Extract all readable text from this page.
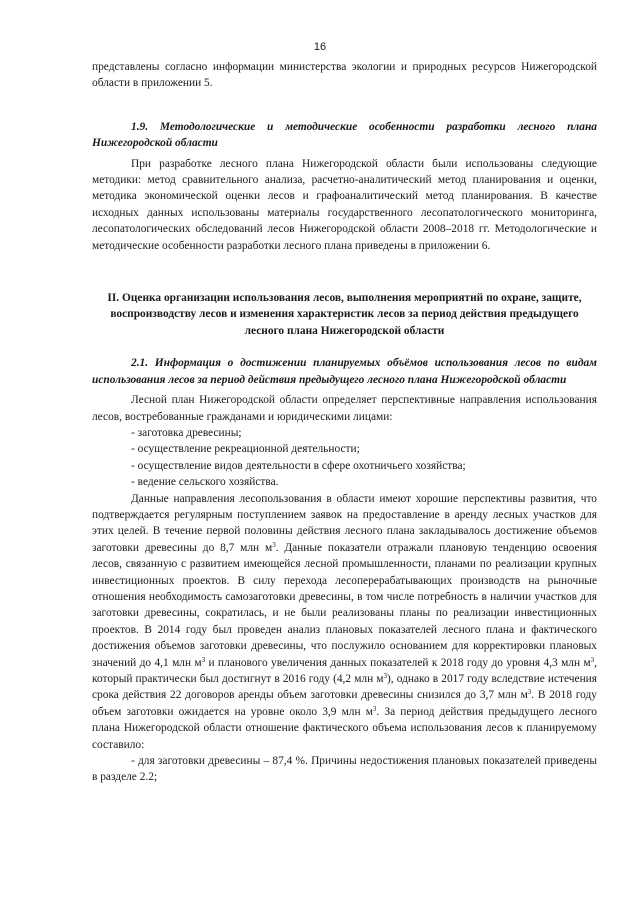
16

представлены согласно информации министерства экологии и природных ресурсов Нижегородской области в приложении 5.

1.9. Методологические и методические особенности разработки лесного плана Нижегородской области

При разработке лесного плана Нижегородской области были использованы следующие методики: метод сравнительного анализа, расчетно-аналитический метод планирования и оценки, методика экономической оценки лесов и графоаналитический метод планирования. В качестве исходных данных использованы материалы государственного лесопатологического мониторинга, лесопатологических обследований лесов Нижегородской области 2008–2018 гг. Методологические и методические особенности разработки лесного плана приведены в приложении 6.

II. Оценка организации использования лесов, выполнения мероприятий по охране, защите, воспроизводству лесов и изменения характеристик лесов за период действия предыдущего лесного плана Нижегородской области

2.1. Информация о достижении планируемых объёмов использования лесов по видам использования лесов за период действия предыдущего лесного плана Нижегородской области

Лесной план Нижегородской области определяет перспективные направления использования лесов, востребованные гражданами и юридическими лицами:

- заготовка древесины;

- осуществление рекреационной деятельности;

- осуществление видов деятельности в сфере охотничьего хозяйства;

- ведение сельского хозяйства.

Данные направления лесопользования в области имеют хорошие перспективы развития, что подтверждается регулярным поступлением заявок на предоставление в аренду лесных участков для этих целей. В течение первой половины действия лесного плана закладывалось достижение объемов заготовки древесины до 8,7 млн $м^3$. Данные показатели отражали плановую тенденцию освоения лесов, связанную с развитием имеющейся лесной промышленности, планами по реализации крупных инвестиционных проектов. В силу перехода лесоперерабатывающих производств на рыночные отношения необходимость самозаготовки древесины, в том числе потребность в наличии участков для заготовки древесины, сократилась, и не были реализованы планы по реализации инвестиционных проектов. В 2014 году был проведен анализ плановых показателей лесного плана и фактического достижения объемов заготовки древесины, что послужило основанием для корректировки плановых значений до 4,1 млн $м^3$ и планового увеличения данных показателей к 2018 году до уровня 4,3 млн $м^3$, который практически был достигнут в 2016 году (4,2 млн $м^3$), однако в 2017 году вследствие истечения срока действия 22 договоров аренды объем заготовки древесины снизился до 3,7 млн $м^3$. В 2018 году объем заготовки ожидается на уровне около 3,9 млн $м^3$. За период действия предыдущего лесного плана Нижегородской области отношение фактического объема использования лесов к планируемому составило:

- для заготовки древесины – 87,4 %. Причины недостижения плановых показателей приведены в разделе 2.2;
